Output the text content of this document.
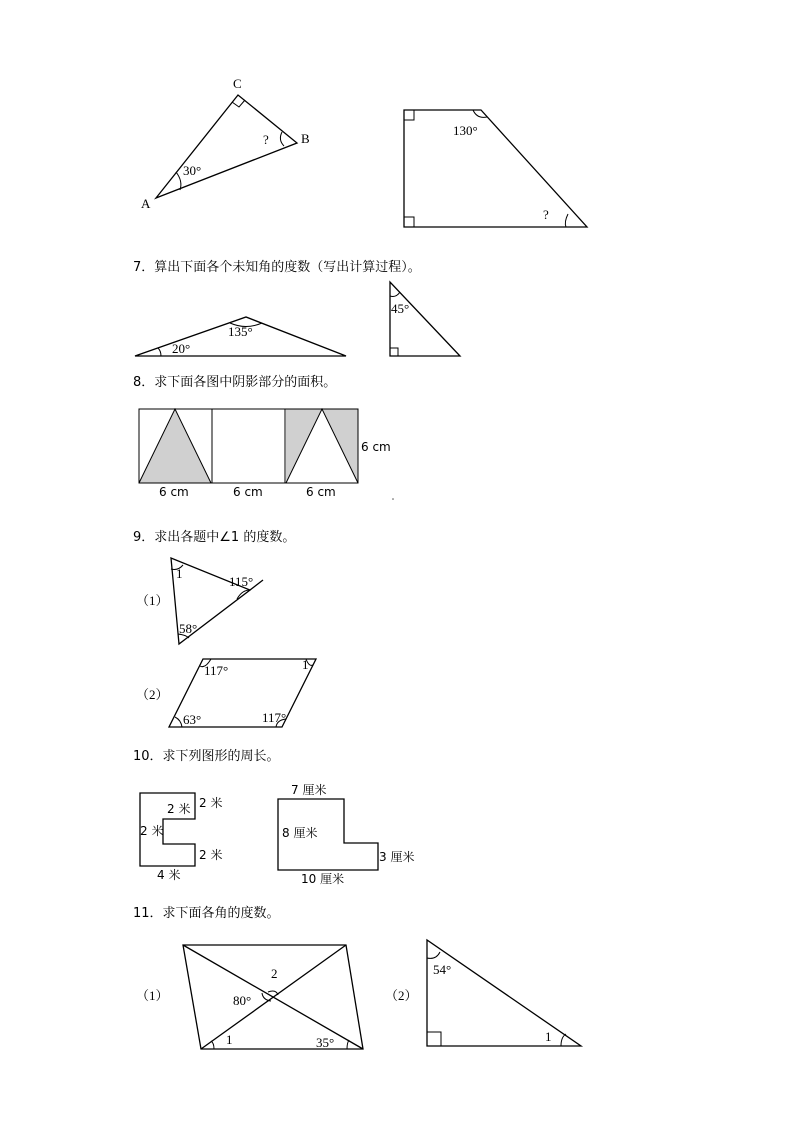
7．算出下面各个未知角的度数（写出计算过程）。
8．求下面各图中阴影部分的面积。
9．求出各题中∠1 的度数。
10．求下列图形的周长。
11．求下面各角的度数。
C
B
A
30°
?
130°
?
135°
20°
45°
6 cm	6 cm	6 cm
6 cm
（1）
1
115°
58°
（2）
117°	1
63°	117°
2 米 2 米
2 米
2 米
4 米
7 厘米
8 厘米
3 厘米
10 厘米
（1）
2
80°
1	35°
（2）
54°
1
